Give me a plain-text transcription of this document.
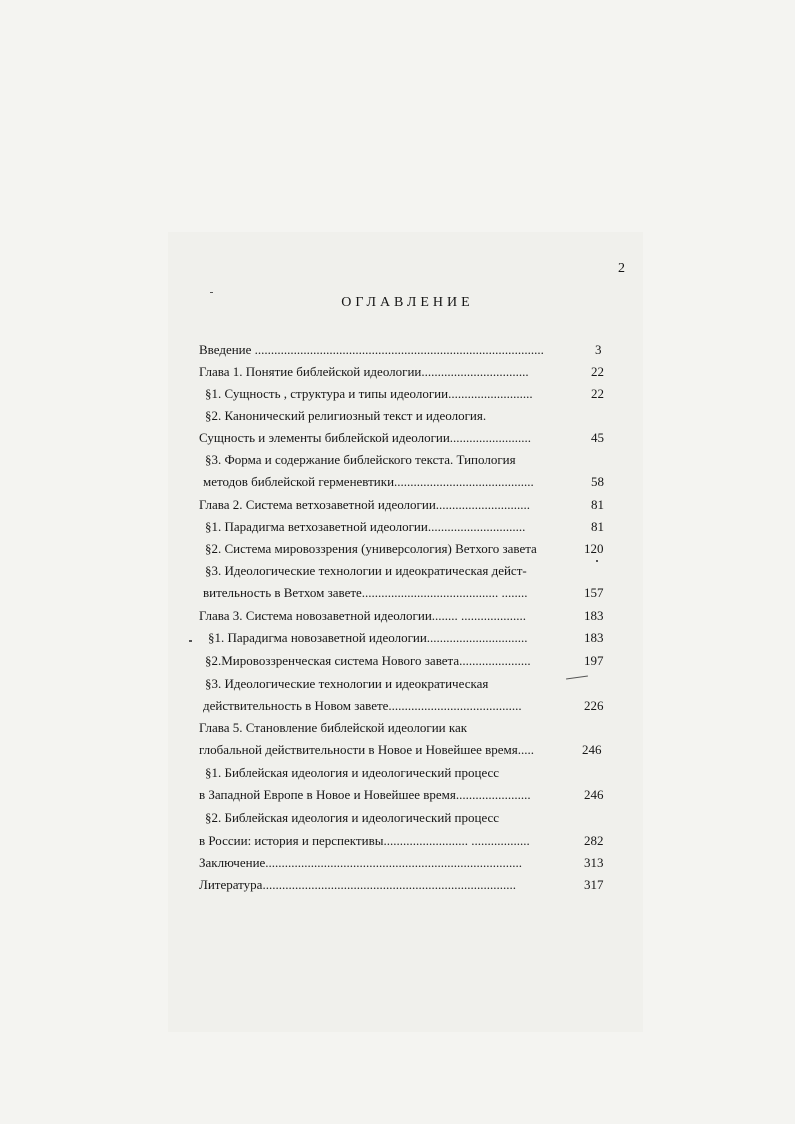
2
ОГЛАВЛЕНИЕ
Введение .........................................................................................	3
Глава 1. Понятие библейской идеологии.................................	22
§1. Сущность , структура и типы идеологии..........................	22
§2. Канонический религиозный текст и идеология.
Сущность и элементы библейской идеологии.........................	45
§3. Форма и содержание библейского текста. Типология
методов библейской герменевтики...........................................	58
Глава 2. Система ветхозаветной идеологии.............................	81
§1. Парадигма ветхозаветной идеологии..............................	81
§2. Система мировоззрения (универсология) Ветхого завета	120
§3. Идеологические технологии и идеократическая дейст-
вительность в Ветхом завете.......................................... ........	157
Глава 3. Система новозаветной идеологии........ ....................	183
§1. Парадигма новозаветной идеологии...............................	183
§2.Мировоззренческая система Нового завета......................	197
§3. Идеологические технологии и идеократическая
действительность в Новом завете.........................................	226
Глава 5. Становление библейской идеологии как
глобальной действительности в Новое и Новейшее время.....	246
§1. Библейская идеология и идеологический процесс
в Западной Европе в Новое и Новейшее время.......................	246
§2. Библейская идеология и идеологический процесс
в России: история и перспективы.......................... ..................	282
Заключение...............................................................................	313
Литература..............................................................................	317
